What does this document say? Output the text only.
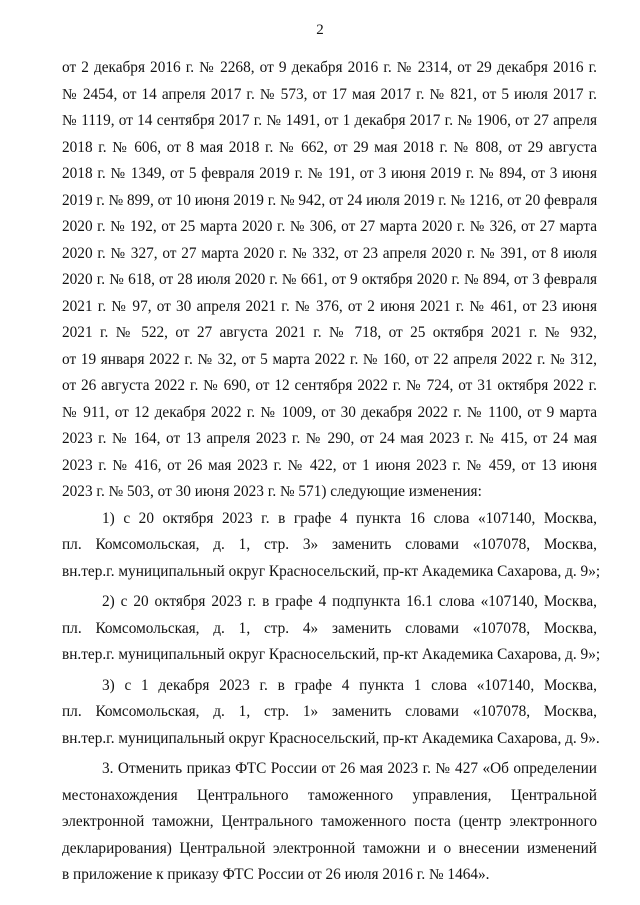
2
от 2 декабря 2016 г. № 2268, от 9 декабря 2016 г. № 2314, от 29 декабря 2016 г.
№ 2454, от 14 апреля 2017 г. № 573, от 17 мая 2017 г. № 821, от 5 июля 2017 г.
№ 1119, от 14 сентября 2017 г. № 1491, от 1 декабря 2017 г. № 1906, от 27 апреля
2018 г. № 606, от 8 мая 2018 г. № 662, от 29 мая 2018 г. № 808, от 29 августа
2018 г. № 1349, от 5 февраля 2019 г. № 191, от 3 июня 2019 г. № 894, от 3 июня
2019 г. № 899, от 10 июня 2019 г. № 942, от 24 июля 2019 г. № 1216, от 20 февраля
2020 г. № 192, от 25 марта 2020 г. № 306, от 27 марта 2020 г. № 326, от 27 марта
2020 г. № 327, от 27 марта 2020 г. № 332, от 23 апреля 2020 г. № 391, от 8 июля
2020 г. № 618, от 28 июля 2020 г. № 661, от 9 октября 2020 г. № 894, от 3 февраля
2021 г. № 97, от 30 апреля 2021 г. № 376, от 2 июня 2021 г. № 461, от 23 июня
2021 г. № 522, от 27 августа 2021 г. № 718, от 25 октября 2021 г. № 932,
от 19 января 2022 г. № 32, от 5 марта 2022 г. № 160, от 22 апреля 2022 г. № 312,
от 26 августа 2022 г. № 690, от 12 сентября 2022 г. № 724, от 31 октября 2022 г.
№ 911, от 12 декабря 2022 г. № 1009, от 30 декабря 2022 г. № 1100, от 9 марта
2023 г. № 164, от 13 апреля 2023 г. № 290, от 24 мая 2023 г. № 415, от 24 мая
2023 г. № 416, от 26 мая 2023 г. № 422, от 1 июня 2023 г. № 459, от 13 июня
2023 г. № 503, от 30 июня 2023 г. № 571) следующие изменения:
1) с 20 октября 2023 г. в графе 4 пункта 16 слова «107140, Москва,
пл. Комсомольская, д. 1, стр. 3» заменить словами «107078, Москва,
вн.тер.г. муниципальный округ Красносельский, пр-кт Академика Сахарова, д. 9»;
2) с 20 октября 2023 г. в графе 4 подпункта 16.1 слова «107140, Москва,
пл. Комсомольская, д. 1, стр. 4» заменить словами «107078, Москва,
вн.тер.г. муниципальный округ Красносельский, пр-кт Академика Сахарова, д. 9»;
3) с 1 декабря 2023 г. в графе 4 пункта 1 слова «107140, Москва,
пл. Комсомольская, д. 1, стр. 1» заменить словами «107078, Москва,
вн.тер.г. муниципальный округ Красносельский, пр-кт Академика Сахарова, д. 9».
3. Отменить приказ ФТС России от 26 мая 2023 г. № 427 «Об определении
местонахождения Центрального таможенного управления, Центральной
электронной таможни, Центрального таможенного поста (центр электронного
декларирования) Центральной электронной таможни и о внесении изменений
в приложение к приказу ФТС России от 26 июля 2016 г. № 1464».
